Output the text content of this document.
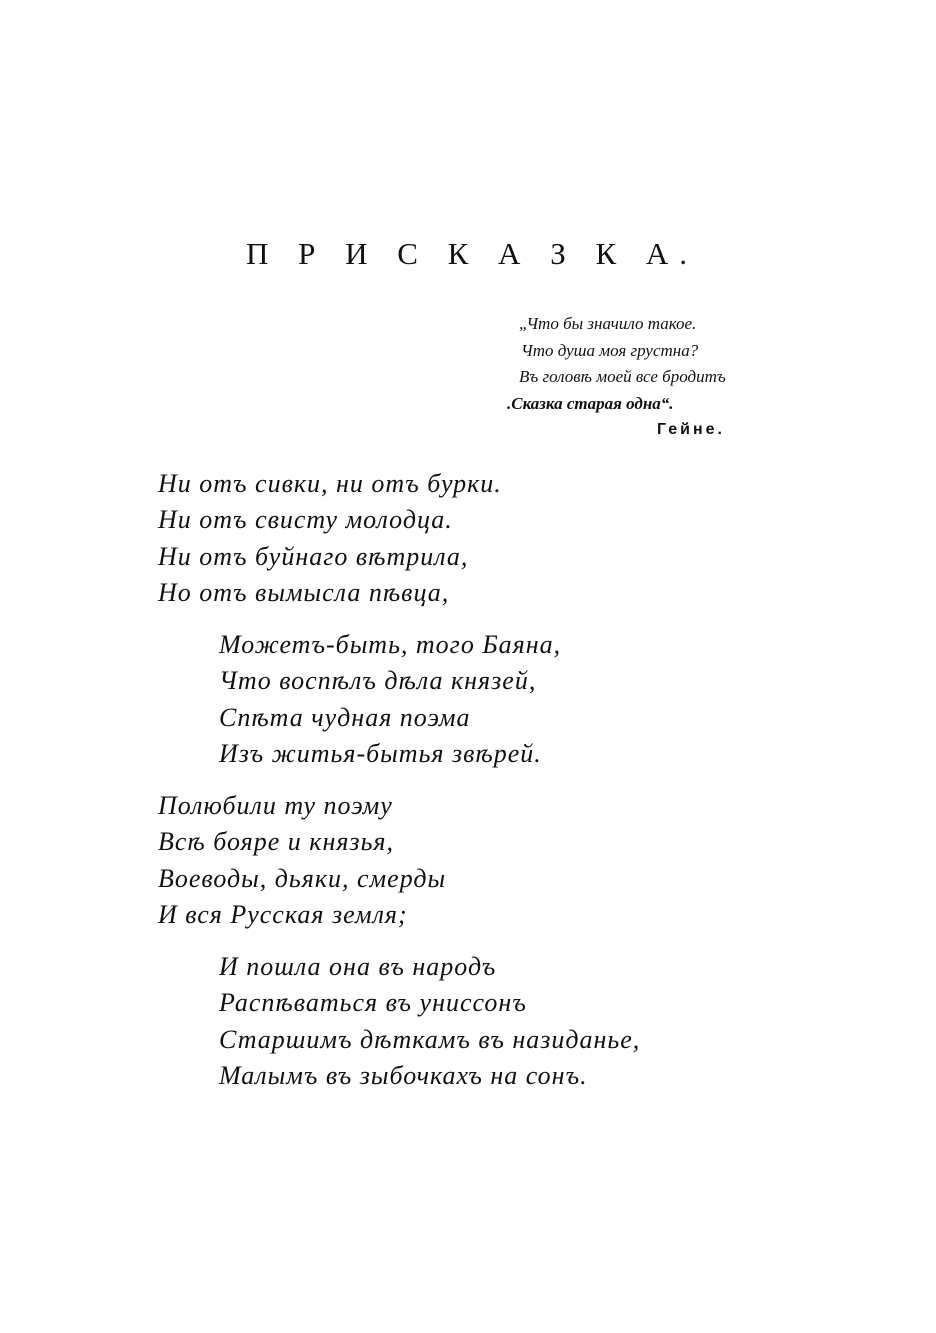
П Р И С К А З К А.
„Что бы значило такое.
Что душа моя грустна?
Въ головѣ моей все бродитъ
.Сказка старая одна“.
Гейне.
Ни отъ сивки, ни отъ бурки.
Ни отъ свисту молодца.
Ни отъ буйнаго вѣтрила,
Но отъ вымысла пѣвца,
Можетъ-быть, того Баяна,
Что воспѣлъ дѣла князей,
Спѣта чудная поэма
Изъ житья-бытья звѣрей.
Полюбили ту поэму
Всѣ бояре и князья,
Воеводы, дьяки, смерды
И вся Русская земля;
И пошла она въ народъ
Распѣваться въ униссонъ
Старшимъ дѣткамъ въ назиданье,
Малымъ въ зыбочкахъ на сонъ.
